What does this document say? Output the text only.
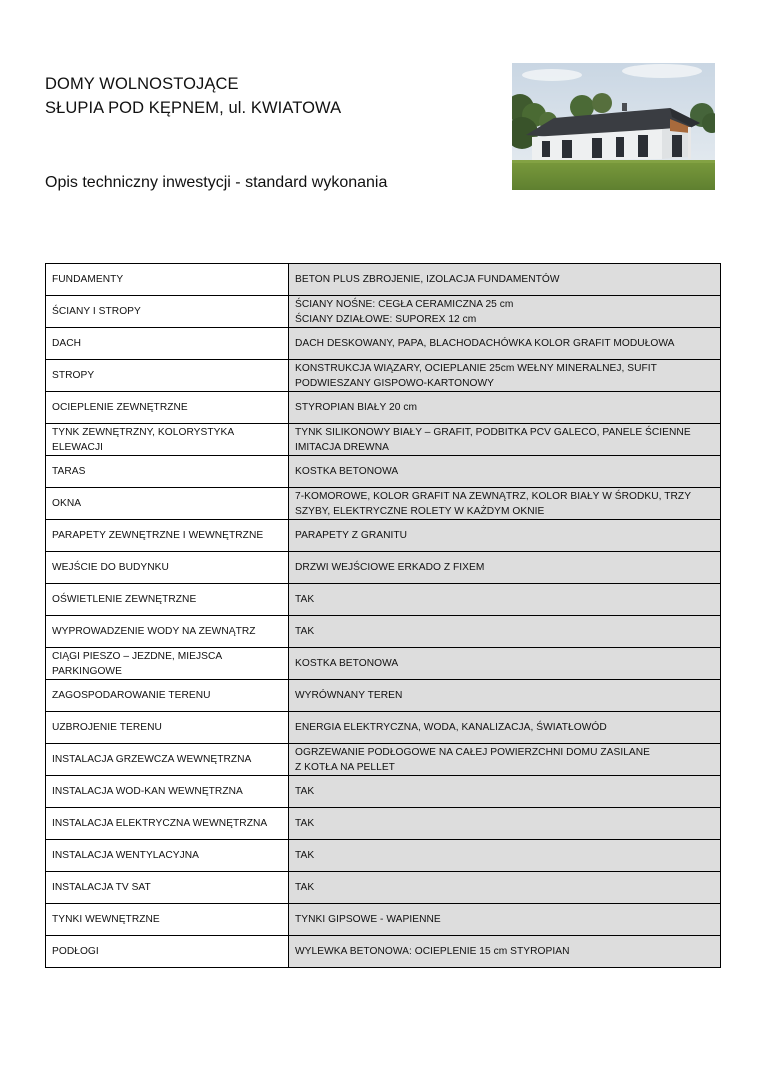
DOMY WOLNOSTOJĄCE
SŁUPIA POD KĘPNEM, ul. KWIATOWA
Opis techniczny inwestycji - standard wykonania
FUNDAMENTY	BETON PLUS ZBROJENIE, IZOLACJA FUNDAMENTÓW
ŚCIANY I STROPY	ŚCIANY NOŚNE: CEGŁA CERAMICZNA 25 cm
ŚCIANY DZIAŁOWE: SUPOREX 12 cm

DACH	DACH DESKOWANY, PAPA, BLACHODACHÓWKA KOLOR GRAFIT MODUŁOWA
STROPY	KONSTRUKCJA WIĄZARY, OCIEPLANIE 25cm WEŁNY MINERALNEJ, SUFIT PODWIESZANY GISPOWO-KARTONOWY
OCIEPLENIE ZEWNĘTRZNE	STYROPIAN BIAŁY 20 cm
TYNK ZEWNĘTRZNY, KOLORYSTYKA ELEWACJI	TYNK SILIKONOWY BIAŁY – GRAFIT, PODBITKA PCV GALECO, PANELE ŚCIENNE IMITACJA DREWNA
TARAS	KOSTKA BETONOWA
OKNA	7-KOMOROWE, KOLOR GRAFIT NA ZEWNĄTRZ, KOLOR BIAŁY W ŚRODKU, TRZY SZYBY, ELEKTRYCZNE ROLETY W KAŻDYM OKNIE
PARAPETY ZEWNĘTRZNE I WEWNĘTRZNE	PARAPETY Z GRANITU
WEJŚCIE DO BUDYNKU	DRZWI WEJŚCIOWE ERKADO Z FIXEM
OŚWIETLENIE ZEWNĘTRZNE	TAK
WYPROWADZENIE WODY NA ZEWNĄTRZ	TAK
CIĄGI PIESZO – JEZDNE, MIEJSCA PARKINGOWE	KOSTKA BETONOWA
ZAGOSPODAROWANIE TERENU	WYRÓWNANY TEREN
UZBROJENIE TERENU	ENERGIA ELEKTRYCZNA, WODA, KANALIZACJA, ŚWIATŁOWÓD
INSTALACJA GRZEWCZA WEWNĘTRZNA	OGRZEWANIE PODŁOGOWE NA CAŁEJ POWIERZCHNI DOMU ZASILANE
Z KOTŁA NA PELLET

INSTALACJA WOD-KAN WEWNĘTRZNA	TAK
INSTALACJA ELEKTRYCZNA WEWNĘTRZNA	TAK
INSTALACJA WENTYLACYJNA	TAK
INSTALACJA TV SAT	TAK
TYNKI WEWNĘTRZNE	TYNKI GIPSOWE - WAPIENNE
PODŁOGI	WYLEWKA BETONOWA: OCIEPLENIE 15 cm STYROPIAN
